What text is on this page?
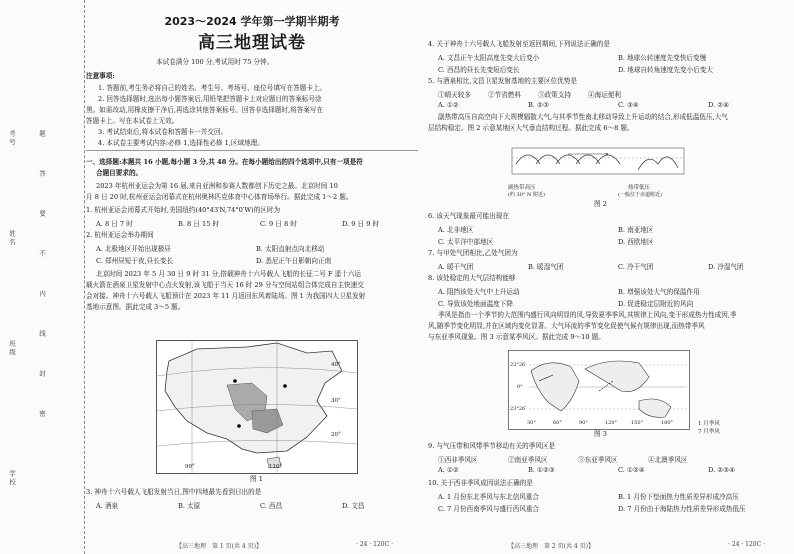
学校
班级
姓名
考号
密
封
线
内
不
要
答
题
2023～2024 学年第一学期半期考
高三地理试卷
本试卷满分 100 分,考试用时 75 分钟。
注意事项:
1. 答题前,考生务必将自己的姓名、考生号、考场号、座位号填写在答题卡上。
2. 回答选择题时,选出每小题答案后,用铅笔把答题卡上对应题目的答案标号涂
黑。如需改动,用橡皮擦干净后,再选涂其他答案标号。回答非选择题时,将答案写在
答题卡上。写在本试卷上无效。
3. 考试结束后,将本试卷和答题卡一并交回。
4. 本试卷主要考试内容:必修 1,选择性必修 1,区域地理。
一、选择题:本题共 16 小题,每小题 3 分,共 48 分。在每小题给出的四个选项中,只有一项是符
合题目要求的。
2023 年杭州亚运会为第 16 届,来自亚洲和参赛人数都创下历史之最。北京时间 10
月 8 日 20 时,杭州亚运会闭幕式在杭州奥林匹克体育中心体育场举行。据此完成 1～2 题。
1. 杭州亚运会闭幕式开始时,美国纽约(40°43′N,74°0′W)的区时为
A. 8 日 7 时	B. 8 日 15 时	C. 9 日 8 时	D. 9 日 9 时
2. 杭州亚运会举办期间
A. 北极地区开始出现极昼	B. 太阳直射点向北移动
C. 郑州昼短于夜,昼长变长	D. 悉尼正午日影朝向正南
北京时间 2023 年 5 月 30 日 9 时 31 分,搭载神舟十六号载人飞船的长征二号 F 遥十六运
载火箭在酒泉卫星发射中心点火发射,该飞船于当天 16 时 29 分与空间站组合体完成自主快速交
会对接。神舟十六号载人飞船预计在 2023 年 11 月返回东风着陆场。图 1 为我国四大卫星发射
基地示意图。据此完成 3～5 题。
40°
30°
20°
90°	110°
图 1
3. 神舟十六号载人飞船发射当日,图中四地最先看到日出的是
A. 酒泉	B. 太原	C. 西昌	D. 文昌
【高三地理　第 1 页(共 4 页)】	· 24 · 120C ·
4. 关于神舟十六号载人飞船发射至返回期间,下列说法正确的是
A. 文昌正午太阳高度先变大后变小	B. 地球公转速度先变快后变慢
C. 西昌的昼长先变短后变长	D. 地球自转角速度先变小后变大
5. 与酒泉相比,文昌卫星发射基地的主要区位优势是
①晴天较多	②节省燃料	③政策支持	④海运便利
A. ①②	B. ②③	C. ③④	D. ②④
副热带高压自高空向下大规模辐散大气,与其季节性南北移动导致上升运动的结合,形成低温低压,大气
层结构稳定。图 2 示意某地区大气垂直结构过程。据此完成 6～8 题。
副热带高压	热带低压
(一般位于赤道附近)
(约 30° N 附近)
图 2
6. 该天气现象最可能出现在
A. 北非地区	B. 南亚地区
C. 太平洋中部地区	D. 西欧地区
7. 与甲处气团相比,乙处气团为
A. 暖干气团	B. 暖湿气团	C. 冷干气团	D. 冷湿气团
8. 该处稳定的大气层结构能够
A. 阻挡该处大气中上升运动	B. 增强该处大气的保温作用
C. 导致该处地面温度下降	D. 促进稳定层附近的风向
季风是指由一个季节的大范围内盛行风向明显的风,导致夏季季风,其规律上风向,变干形成热力性成因,季
风,随季节变化明显,并在区域内变化显著。大气环流的季节变化促使气候有规律出现,而热带季风
与东亚季风现象。图 3 示意某季风区。据此完成 9～10 题。
23°26′
0°
23°26′
30°	60°	90°	120°	150°	180°	1 月季风
7 月季风
图 3
9. 与气压带和风带季节移动有关的季风区是
①西非季风区	②南亚季风区	③东亚季风区	④北澳季风区
A. ①②	B. ①②③	C. ①②④	D. ②③④
10. 关于西非季风成因说法正确的是
A. 1 月份东北季风与东北信风重合	B. 1 月份下垫面热力性质差异形成冷高压
C. 7 月份西南季风与盛行西风重合	D. 7 月份由于海陆热力性质差异形成热低压
【高三地理　第 2 页(共 4 页)】	· 24 · 120C ·
